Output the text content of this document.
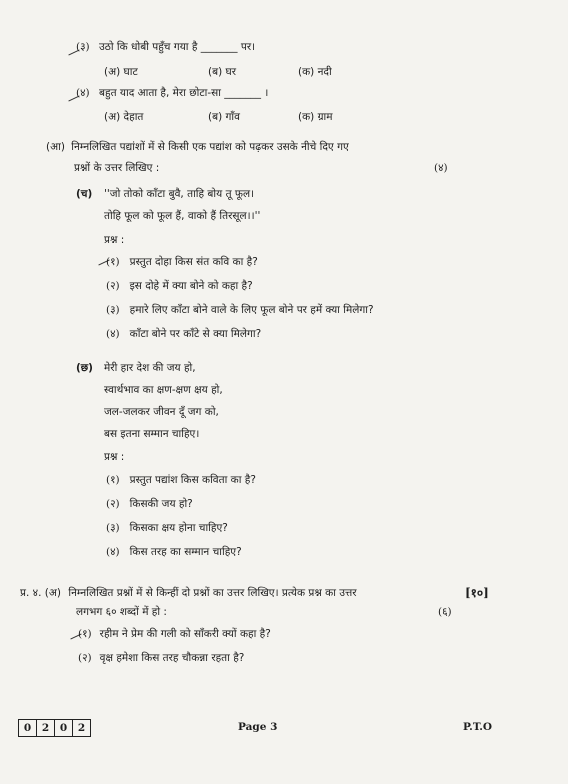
(३) उठो कि धोबी पहुँच गया है _______ पर।
(अ) घाट	(ब) घर	(क) नदी
(४) बहुत याद आता है, मेरा छोटा-सा _______ ।
(अ) देहात	(ब) गाँव	(क) ग्राम
(आ) निम्नलिखित पद्यांशों में से किसी एक पद्यांश को पढ़कर उसके नीचे दिए गए
प्रश्नों के उत्तर लिखिए :	(४)
(च) ''जो तोको काँटा बुवै, ताहि बोय तू फूल।
तोहि फूल को फूल हैं, वाको हैं तिरसूल।।''
प्रश्न :
(१) प्रस्तुत दोहा किस संत कवि का है?
(२) इस दोहे में क्या बोने को कहा है?
(३) हमारे लिए काँटा बोने वाले के लिए फूल बोने पर हमें क्या मिलेगा?
(४) काँटा बोने पर काँटे से क्या मिलेगा?
(छ) मेरी हार देश की जय हो,
स्वार्थभाव का क्षण-क्षण क्षय हो,
जल-जलकर जीवन दूँ जग को,
बस इतना सम्मान चाहिए।
प्रश्न :
(१) प्रस्तुत पद्यांश किस कविता का है?
(२) किसकी जय हो?
(३) किसका क्षय होना चाहिए?
(४) किस तरह का सम्मान चाहिए?
प्र. ४. (अ) निम्नलिखित प्रश्नों में से किन्हीं दो प्रश्नों का उत्तर लिखिए। प्रत्येक प्रश्न का उत्तर	[१०]
लगभग ६० शब्दों में हो :	(६)
(१) रहीम ने प्रेम की गली को साँकरी क्यों कहा है?
(२) वृक्ष हमेशा किस तरह चौकन्ना रहता है?
0	2	0	2	Page 3	P.T.O
